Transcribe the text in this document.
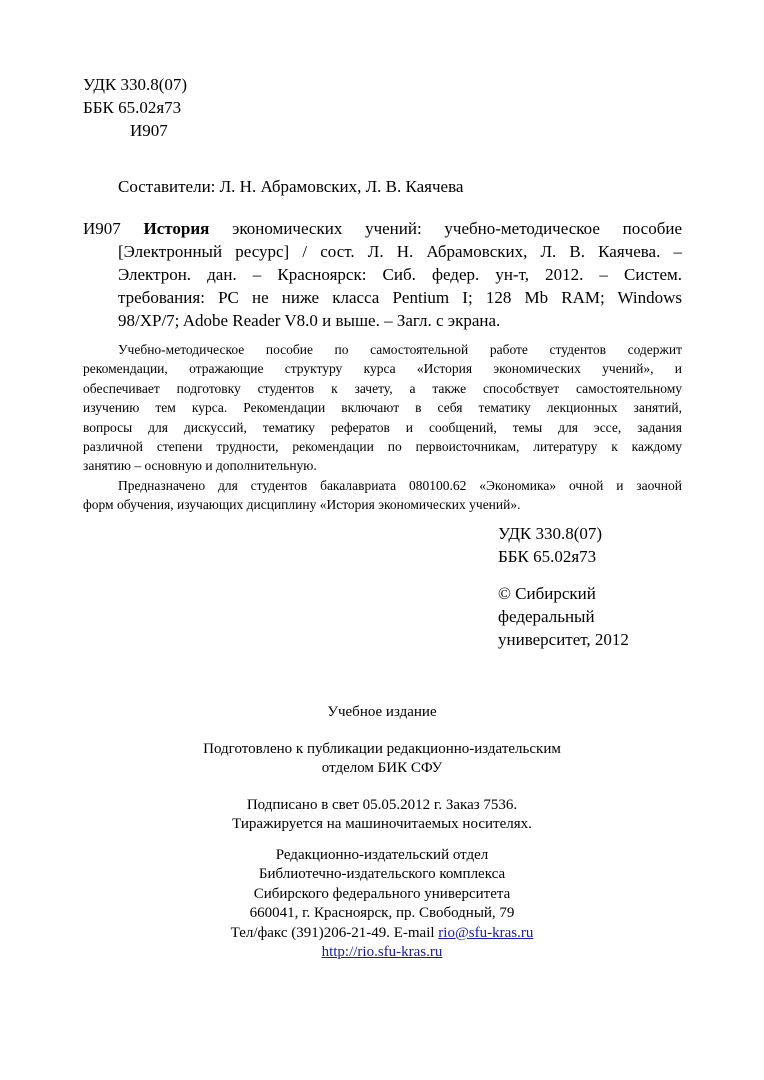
УДК 330.8(07)
ББК 65.02я73
И907
Составители: Л. Н. Абрамовских, Л. В. Каячева
И907 История экономических учений: учебно-методическое пособие
[Электронный ресурс] / сост. Л. Н. Абрамовских, Л. В. Каячева. –
Электрон. дан. – Красноярск: Сиб. федер. ун-т, 2012. – Систем.
требования: PC не ниже класса Pentium I; 128 Mb RAM; Windows
98/XP/7; Adobe Reader V8.0 и выше. – Загл. с экрана.
Учебно-методическое пособие по самостоятельной работе студентов содержит
рекомендации, отражающие структуру курса «История экономических учений», и
обеспечивает подготовку студентов к зачету, а также способствует самостоятельному
изучению тем курса. Рекомендации включают в себя тематику лекционных занятий,
вопросы для дискуссий, тематику рефератов и сообщений, темы для эссе, задания
различной степени трудности, рекомендации по первоисточникам, литературу к каждому
занятию – основную и дополнительную.
Предназначено для студентов бакалавриата 080100.62 «Экономика» очной и заочной
форм обучения, изучающих дисциплину «История экономических учений».
УДК 330.8(07)
ББК 65.02я73
© Сибирский
федеральный
университет, 2012
Учебное издание
Подготовлено к публикации редакционно-издательским
отделом БИК СФУ
Подписано в свет 05.05.2012 г. Заказ 7536.
Тиражируется на машиночитаемых носителях.
Редакционно-издательский отдел
Библиотечно-издательского комплекса
Сибирского федерального университета
660041, г. Красноярск, пр. Свободный, 79
Тел/факс (391)206-21-49. E-mail rio@sfu-kras.ru
http://rio.sfu-kras.ru
